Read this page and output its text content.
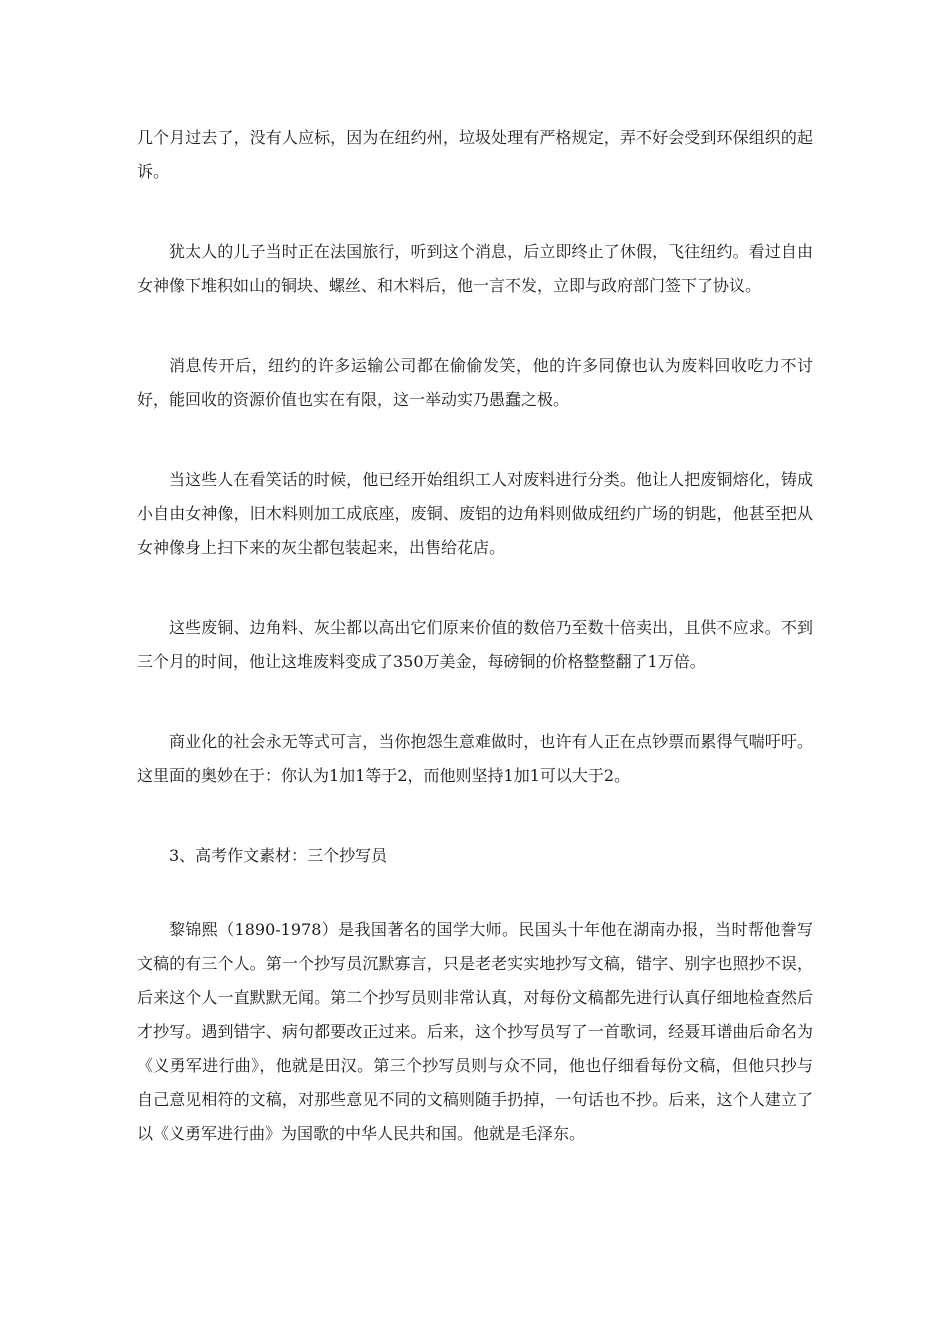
几个月过去了，没有人应标，因为在纽约州，垃圾处理有严格规定，弄不好会受到环保组织的起诉。

犹太人的儿子当时正在法国旅行，听到这个消息，后立即终止了休假，飞往纽约。看过自由女神像下堆积如山的铜块、螺丝、和木料后，他一言不发，立即与政府部门签下了协议。

消息传开后，纽约的许多运输公司都在偷偷发笑，他的许多同僚也认为废料回收吃力不讨好，能回收的资源价值也实在有限，这一举动实乃愚蠢之极。

当这些人在看笑话的时候，他已经开始组织工人对废料进行分类。他让人把废铜熔化，铸成小自由女神像，旧木料则加工成底座，废铜、废铝的边角料则做成纽约广场的钥匙，他甚至把从女神像身上扫下来的灰尘都包装起来，出售给花店。

这些废铜、边角料、灰尘都以高出它们原来价值的数倍乃至数十倍卖出，且供不应求。不到三个月的时间，他让这堆废料变成了350万美金，每磅铜的价格整整翻了1万倍。

商业化的社会永无等式可言，当你抱怨生意难做时，也许有人正在点钞票而累得气喘吁吁。这里面的奥妙在于：你认为1加1等于2，而他则坚持1加1可以大于2。

3、高考作文素材：三个抄写员

黎锦熙（1890-1978）是我国著名的国学大师。民国头十年他在湖南办报，当时帮他誊写文稿的有三个人。第一个抄写员沉默寡言，只是老老实实地抄写文稿，错字、别字也照抄不误，后来这个人一直默默无闻。第二个抄写员则非常认真，对每份文稿都先进行认真仔细地检查然后才抄写。遇到错字、病句都要改正过来。后来，这个抄写员写了一首歌词，经聂耳谱曲后命名为《义勇军进行曲》，他就是田汉。第三个抄写员则与众不同，他也仔细看每份文稿，但他只抄与自己意见相符的文稿，对那些意见不同的文稿则随手扔掉，一句话也不抄。后来，这个人建立了以《义勇军进行曲》为国歌的中华人民共和国。他就是毛泽东。
